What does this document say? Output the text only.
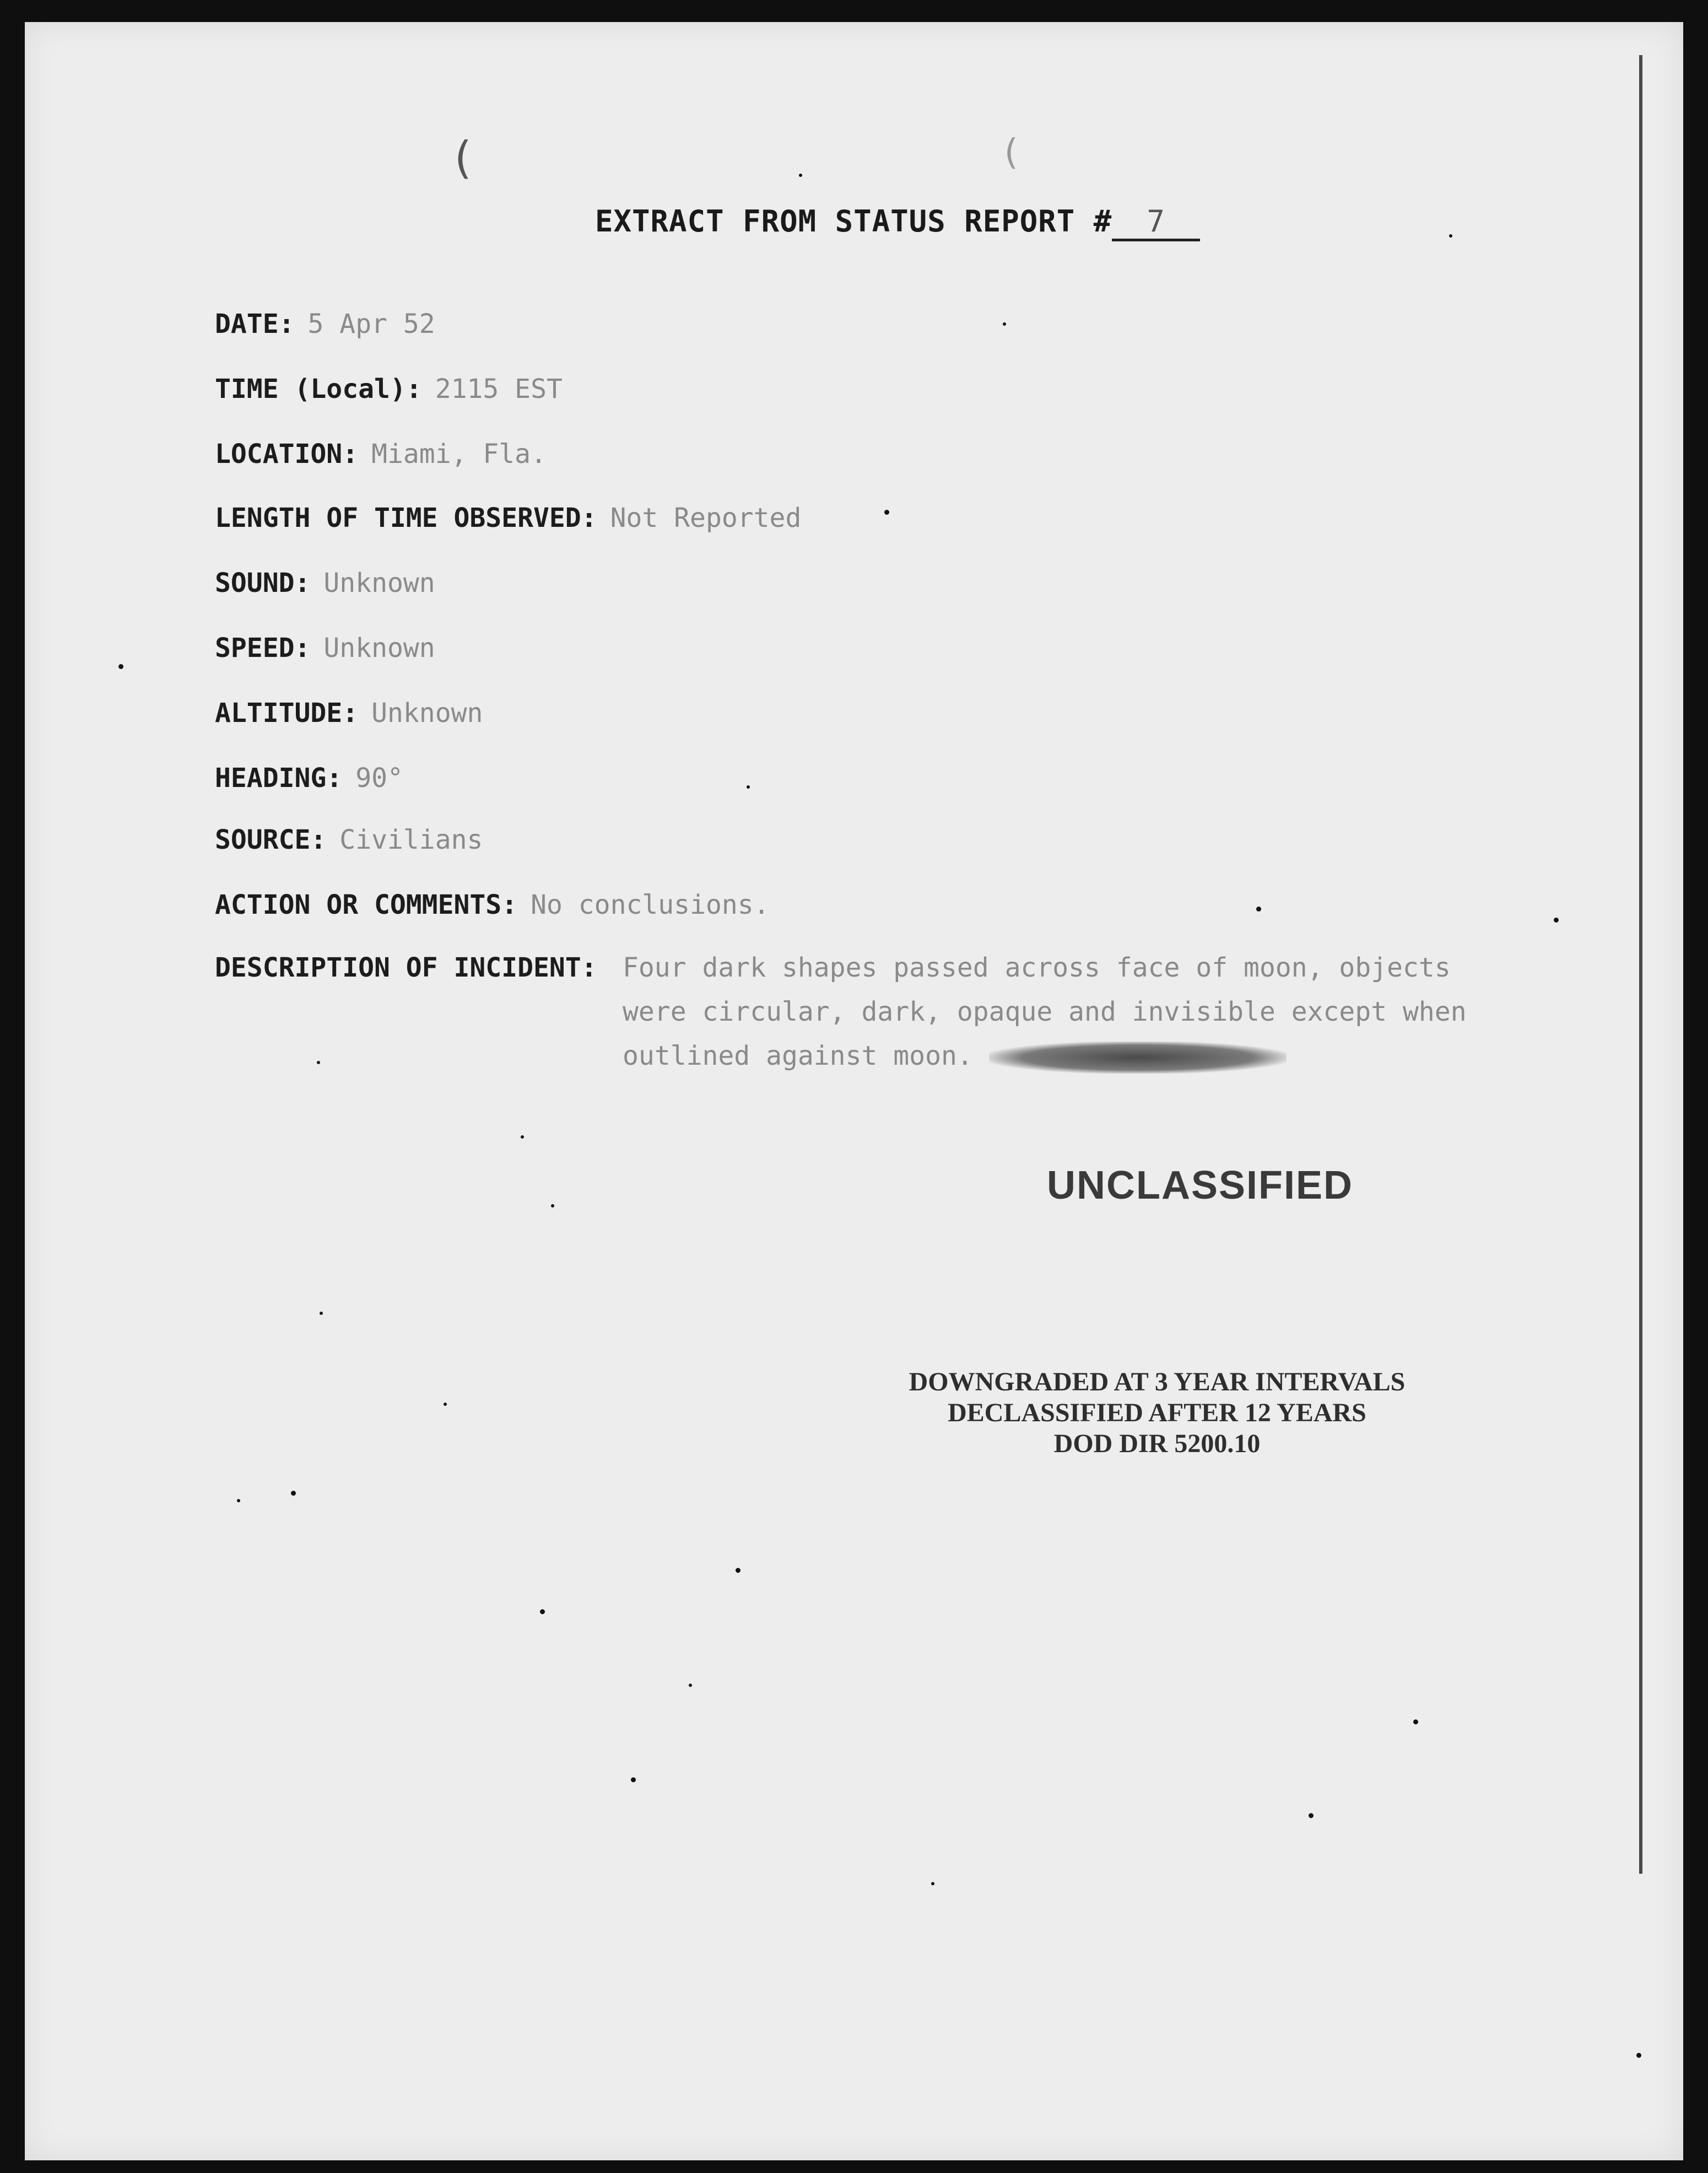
(	(
EXTRACT FROM STATUS REPORT # 7
DATE: 5 Apr 52
TIME (Local): 2115 EST
LOCATION: Miami, Fla.
LENGTH OF TIME OBSERVED: Not Reported
SOUND: Unknown
SPEED: Unknown
ALTITUDE: Unknown
HEADING: 90°
SOURCE: Civilians
ACTION OR COMMENTS: No conclusions.
DESCRIPTION OF INCIDENT: Four dark shapes passed across face of moon, objects were circular, dark, opaque and invisible except when outlined against moon.
UNCLASSIFIED
DOWNGRADED AT 3 YEAR INTERVALS
DECLASSIFIED AFTER 12 YEARS
DOD DIR 5200.10
